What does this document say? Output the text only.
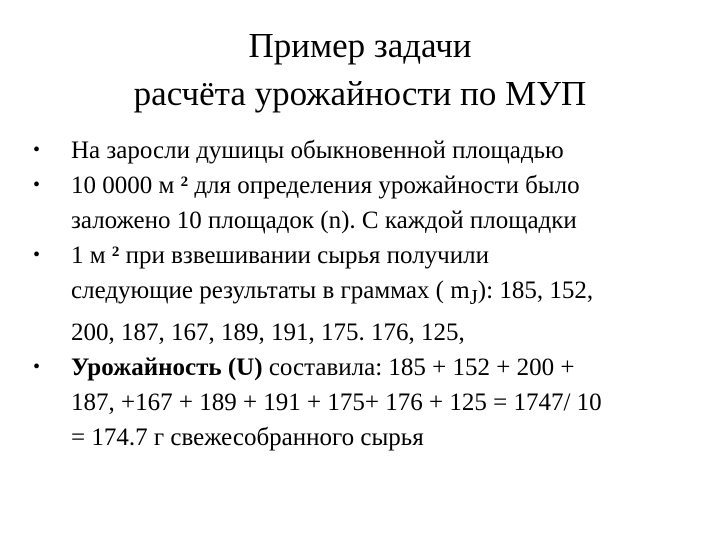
Пример задачи
расчёта урожайности по МУП
• На заросли душицы обыкновенной площадью
• 10 0000 м $^2$ для определения урожайности было
заложено 10 площадок (n). С каждой площадки
• 1 м $^2$ при взвешивании сырья получили
следующие результаты в граммах ( $m_J$): 185, 152,
200, 187, 167, 189, 191, 175. 176, 125,
• Урожайность (U) составила: 185 + 152 + 200 +
187, +167 + 189 + 191 + 175+ 176 + 125 = 1747/ 10
= 174.7 г свежесобранного сырья
